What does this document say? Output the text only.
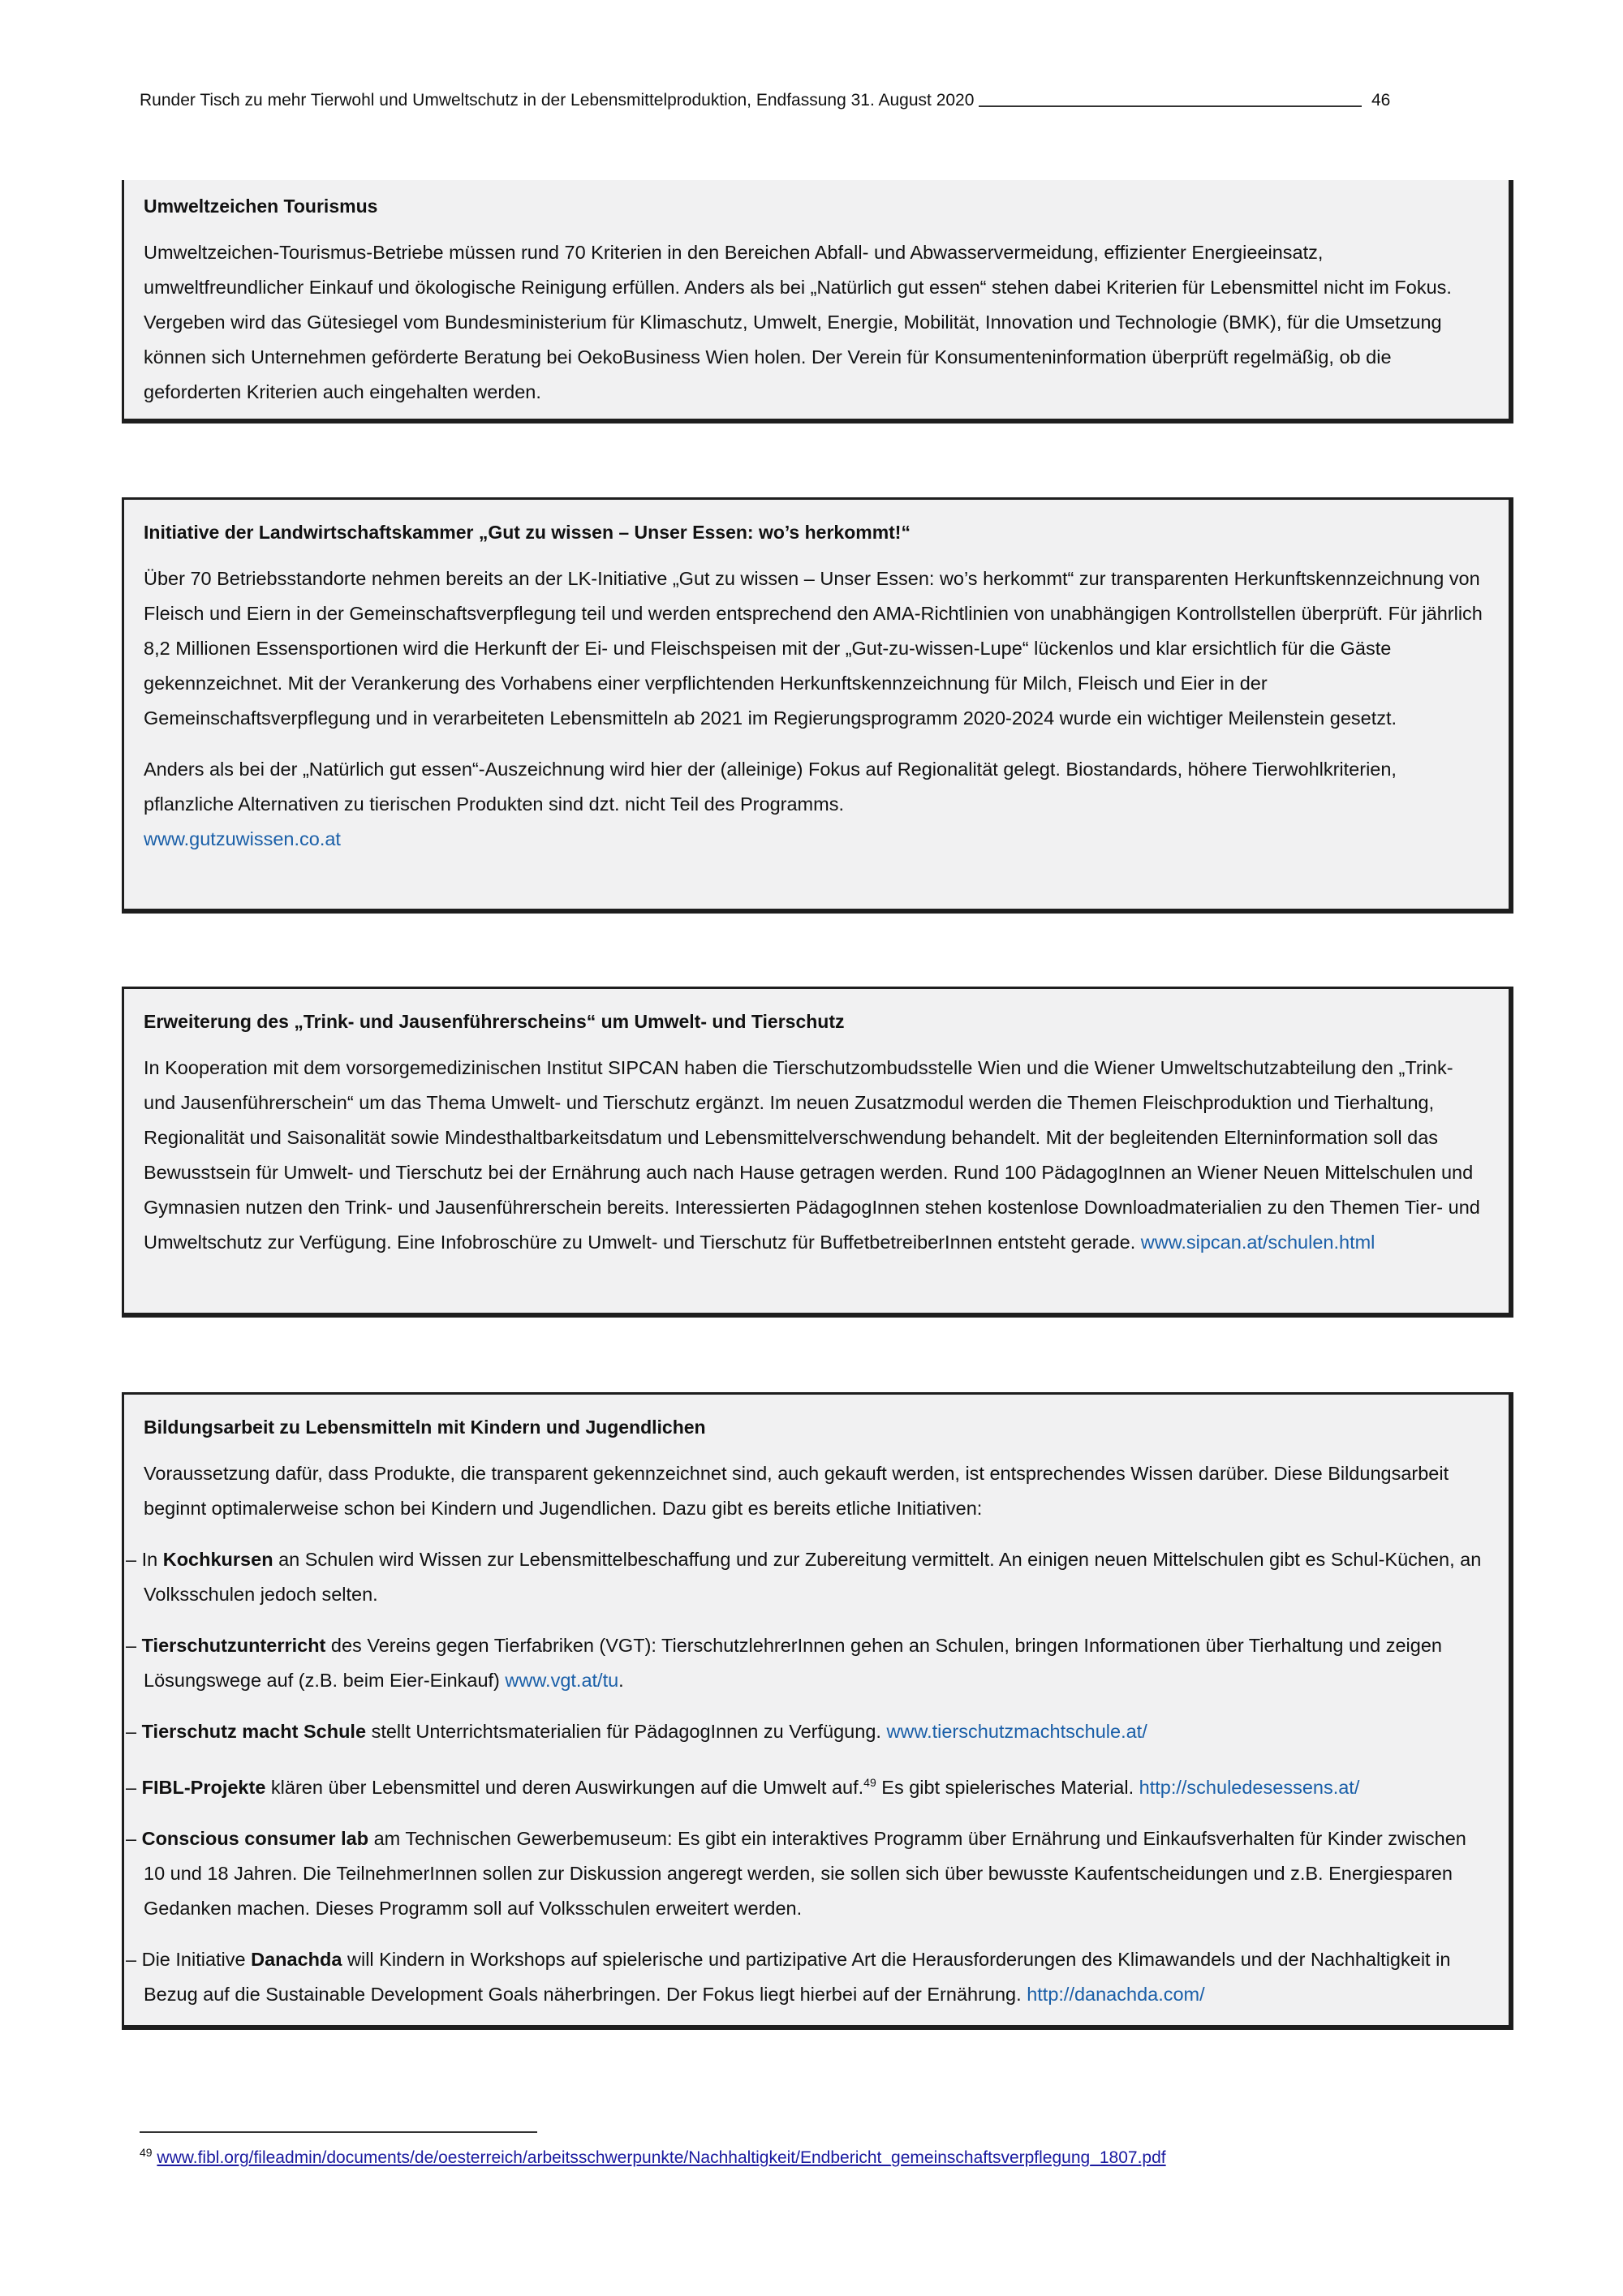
Runder Tisch zu mehr Tierwohl und Umweltschutz in der Lebensmittelproduktion, Endfassung 31. August 2020	46
Umweltzeichen Tourismus

Umweltzeichen-Tourismus-Betriebe müssen rund 70 Kriterien in den Bereichen Abfall- und Abwasservermeidung, effizienter Energieeinsatz, umweltfreundlicher Einkauf und ökologische Reinigung erfüllen. Anders als bei „Natürlich gut essen“ stehen dabei Kriterien für Lebensmittel nicht im Fokus. Vergeben wird das Gütesiegel vom Bundesministerium für Klimaschutz, Umwelt, Energie, Mobilität, Innovation und Technologie (BMK), für die Umsetzung können sich Unternehmen geförderte Beratung bei OekoBusiness Wien holen. Der Verein für Konsumenteninformation überprüft regelmäßig, ob die geforderten Kriterien auch eingehalten werden.

Initiative der Landwirtschaftskammer „Gut zu wissen – Unser Essen: wo’s herkommt!“

Über 70 Betriebsstandorte nehmen bereits an der LK-Initiative „Gut zu wissen – Unser Essen: wo’s herkommt“ zur transparenten Herkunftskennzeichnung von Fleisch und Eiern in der Gemeinschaftsverpflegung teil und werden entsprechend den AMA-Richtlinien von unabhängigen Kontrollstellen überprüft. Für jährlich 8,2 Millionen Essensportionen wird die Herkunft der Ei- und Fleischspeisen mit der „Gut-zu-wissen-Lupe“ lückenlos und klar ersichtlich für die Gäste gekennzeichnet. Mit der Verankerung des Vorhabens einer verpflichtenden Herkunftskennzeichnung für Milch, Fleisch und Eier in der Gemeinschaftsverpflegung und in verarbeiteten Lebensmitteln ab 2021 im Regierungsprogramm 2020-2024 wurde ein wichtiger Meilenstein gesetzt.

Anders als bei der „Natürlich gut essen“-Auszeichnung wird hier der (alleinige) Fokus auf Regionalität gelegt. Biostandards, höhere Tierwohlkriterien, pflanzliche Alternativen zu tierischen Produkten sind dzt. nicht Teil des Programms.

www.gutzuwissen.co.at

Erweiterung des „Trink- und Jausenführerscheins“ um Umwelt- und Tierschutz

In Kooperation mit dem vorsorgemedizinischen Institut SIPCAN haben die Tierschutzombudsstelle Wien und die Wiener Umweltschutzabteilung den „Trink- und Jausenführerschein“ um das Thema Umwelt- und Tierschutz ergänzt. Im neuen Zusatzmodul werden die Themen Fleischproduktion und Tierhaltung, Regionalität und Saisonalität sowie Mindesthaltbarkeitsdatum und Lebensmittelverschwendung behandelt. Mit der begleitenden Elterninformation soll das Bewusstsein für Umwelt- und Tierschutz bei der Ernährung auch nach Hause getragen werden. Rund 100 PädagogInnen an Wiener Neuen Mittelschulen und Gymnasien nutzen den Trink- und Jausenführerschein bereits. Interessierten PädagogInnen stehen kostenlose Downloadmaterialien zu den Themen Tier- und Umweltschutz zur Verfügung. Eine Infobroschüre zu Umwelt- und Tierschutz für BuffetbetreiberInnen entsteht gerade. www.sipcan.at/schulen.html

Bildungsarbeit zu Lebensmitteln mit Kindern und Jugendlichen

Voraussetzung dafür, dass Produkte, die transparent gekennzeichnet sind, auch gekauft werden, ist entsprechendes Wissen darüber. Diese Bildungsarbeit beginnt optimalerweise schon bei Kindern und Jugendlichen. Dazu gibt es bereits etliche Initiativen:

– In Kochkursen an Schulen wird Wissen zur Lebensmittelbeschaffung und zur Zubereitung vermittelt. An einigen neuen Mittelschulen gibt es Schul-Küchen, an Volksschulen jedoch selten.
– Tierschutzunterricht des Vereins gegen Tierfabriken (VGT): TierschutzlehrerInnen gehen an Schulen, bringen Informationen über Tierhaltung und zeigen Lösungswege auf (z.B. beim Eier-Einkauf) www.vgt.at/tu.
– Tierschutz macht Schule stellt Unterrichtsmaterialien für PädagogInnen zu Verfügung. www.tierschutzmachtschule.at/
– FIBL-Projekte klären über Lebensmittel und deren Auswirkungen auf die Umwelt auf.$^{49}$ Es gibt spielerisches Material. http://schuledesessens.at/
– Conscious consumer lab am Technischen Gewerbemuseum: Es gibt ein interaktives Programm über Ernährung und Einkaufsverhalten für Kinder zwischen 10 und 18 Jahren. Die TeilnehmerInnen sollen zur Diskussion angeregt werden, sie sollen sich über bewusste Kaufentscheidungen und z.B. Energiesparen Gedanken machen. Dieses Programm soll auf Volksschulen erweitert werden.
– Die Initiative Danachda will Kindern in Workshops auf spielerische und partizipative Art die Herausforderungen des Klimawandels und der Nachhaltigkeit in Bezug auf die Sustainable Development Goals näherbringen. Der Fokus liegt hierbei auf der Ernährung. http://danachda.com/
$^{49}$ www.fibl.org/fileadmin/documents/de/oesterreich/arbeitsschwerpunkte/Nachhaltigkeit/Endbericht_gemeinschaftsverpflegung_1807.pdf
